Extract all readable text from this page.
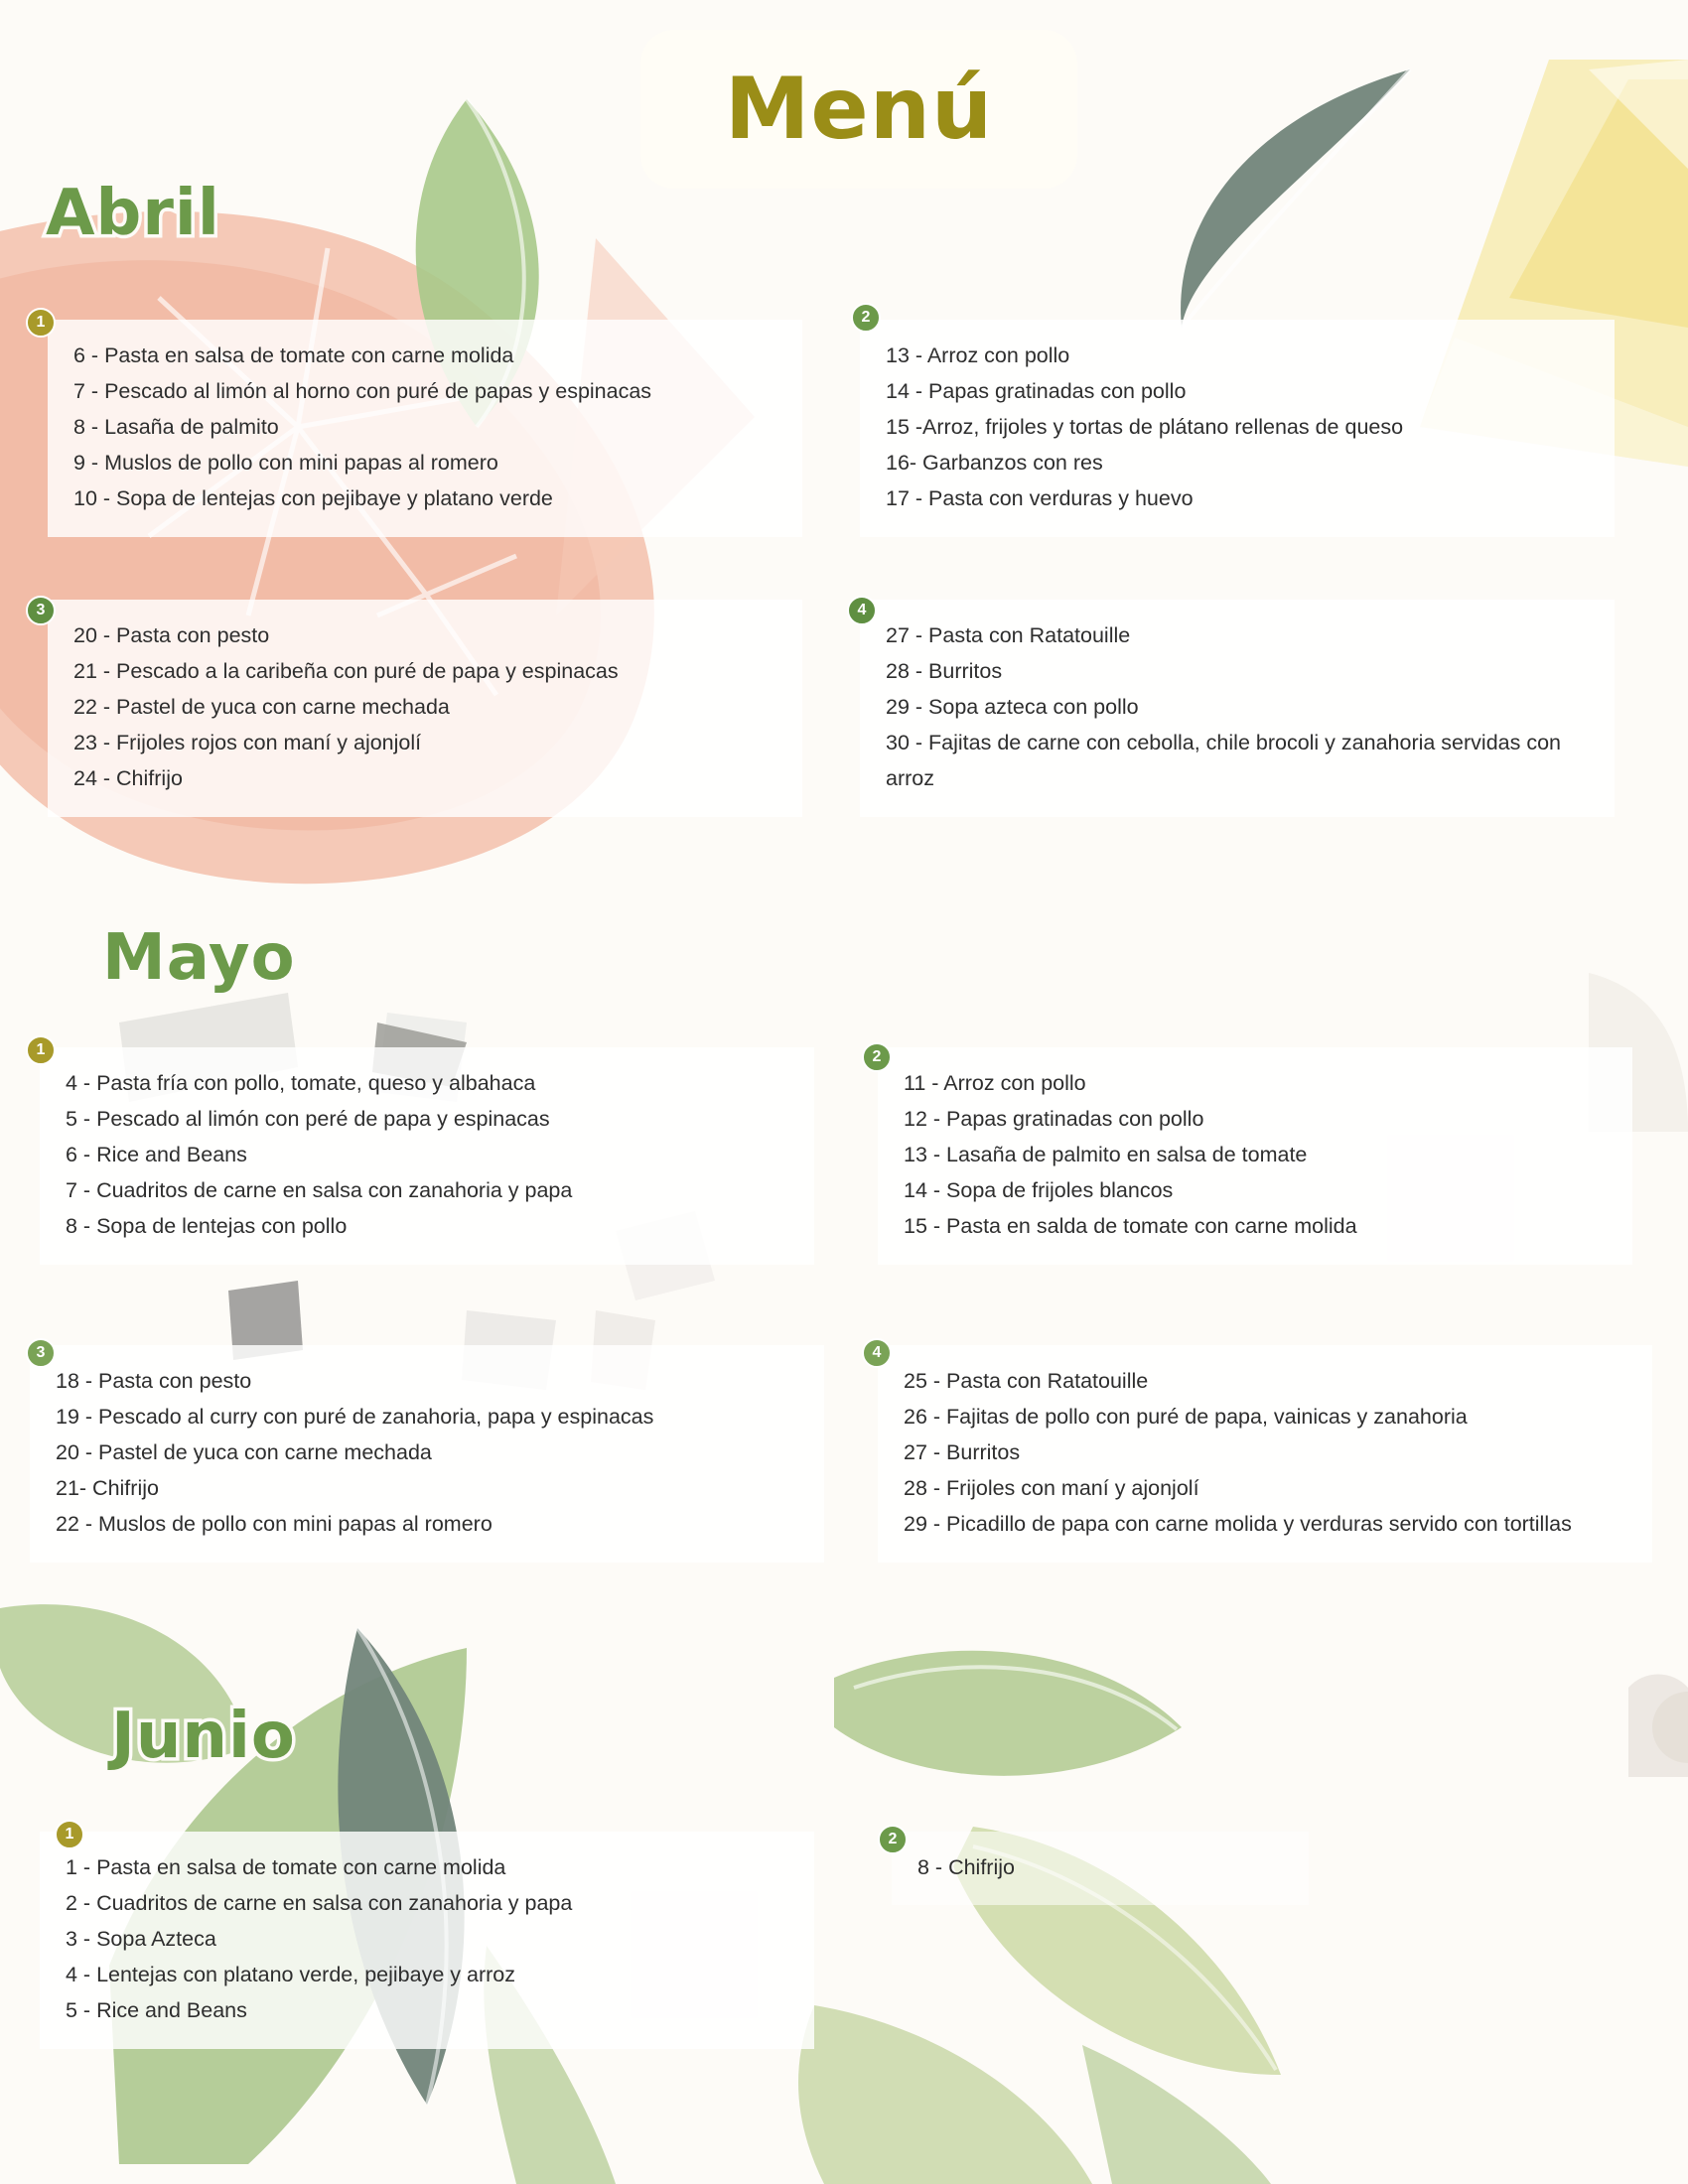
Menú
Abril
1
6 - Pasta en salsa de tomate con carne molida
7 - Pescado al limón al horno con puré de papas y espinacas
8 - Lasaña de palmito
9 - Muslos de pollo con mini papas al romero
10 - Sopa de lentejas con pejibaye y platano verde
2
13 - Arroz con pollo
14 - Papas gratinadas con pollo
15 -Arroz, frijoles y tortas de plátano rellenas de queso
16- Garbanzos con res
17 - Pasta con verduras y huevo
3
20 - Pasta con pesto
21 - Pescado a la caribeña con puré de papa y espinacas
22 - Pastel de yuca con carne mechada
23 - Frijoles rojos con maní y ajonjolí
24 - Chifrijo
4
27 - Pasta con Ratatouille
28 - Burritos
29 - Sopa azteca con pollo
30 - Fajitas de carne con cebolla, chile brocoli y zanahoria servidas con arroz
Mayo
1
4 - Pasta fría con pollo, tomate, queso y albahaca
5 - Pescado al limón con peré de papa y espinacas
6 - Rice and Beans
7 - Cuadritos de carne en salsa con zanahoria y papa
8 - Sopa de lentejas con pollo
2
11 - Arroz con pollo
12 - Papas gratinadas con pollo
13 - Lasaña de palmito en salsa de tomate
14 - Sopa de frijoles blancos
15 - Pasta en salda de tomate con carne molida
3
18 - Pasta con pesto
19 - Pescado al curry con puré de zanahoria, papa y espinacas
20 - Pastel de yuca con carne mechada
21- Chifrijo
22 - Muslos de pollo con mini papas al romero
4
25 - Pasta con Ratatouille
26 - Fajitas de pollo con puré de papa, vainicas y zanahoria
27 - Burritos
28 - Frijoles con maní y ajonjolí
29 - Picadillo de papa con carne molida y verduras servido con tortillas
Junio
1
1 - Pasta en salsa de tomate con carne molida
2 - Cuadritos de carne en salsa con zanahoria y papa
3 - Sopa Azteca
4 - Lentejas con platano verde, pejibaye y arroz
5 - Rice and Beans
2
8 - Chifrijo
